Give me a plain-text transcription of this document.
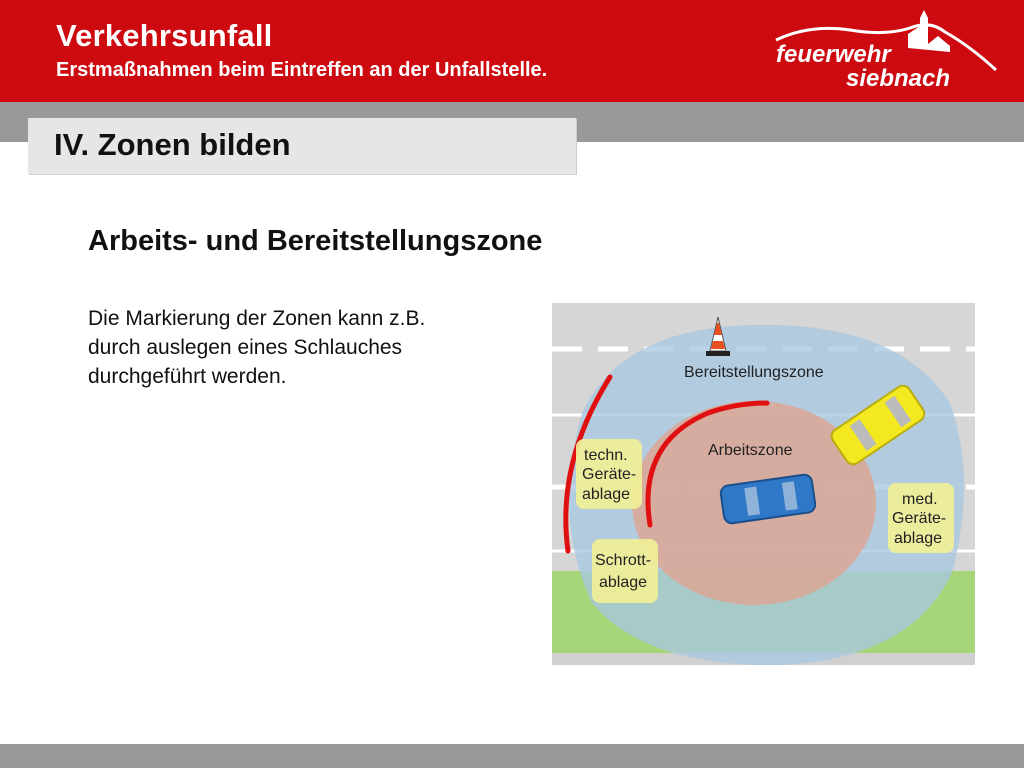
Verkehrsunfall
Erstmaßnahmen beim Eintreffen an der Unfallstelle.
feuerwehr
siebnach
IV. Zonen bilden
Arbeits- und Bereitstellungszone
Die Markierung der Zonen kann z.B.
durch auslegen eines Schlauches
durchgeführt werden.	Bereitstellungszone
Arbeitszone
techn.
Geräte-
ablage
Schrott-
ablage
med.
Geräte-
ablage
